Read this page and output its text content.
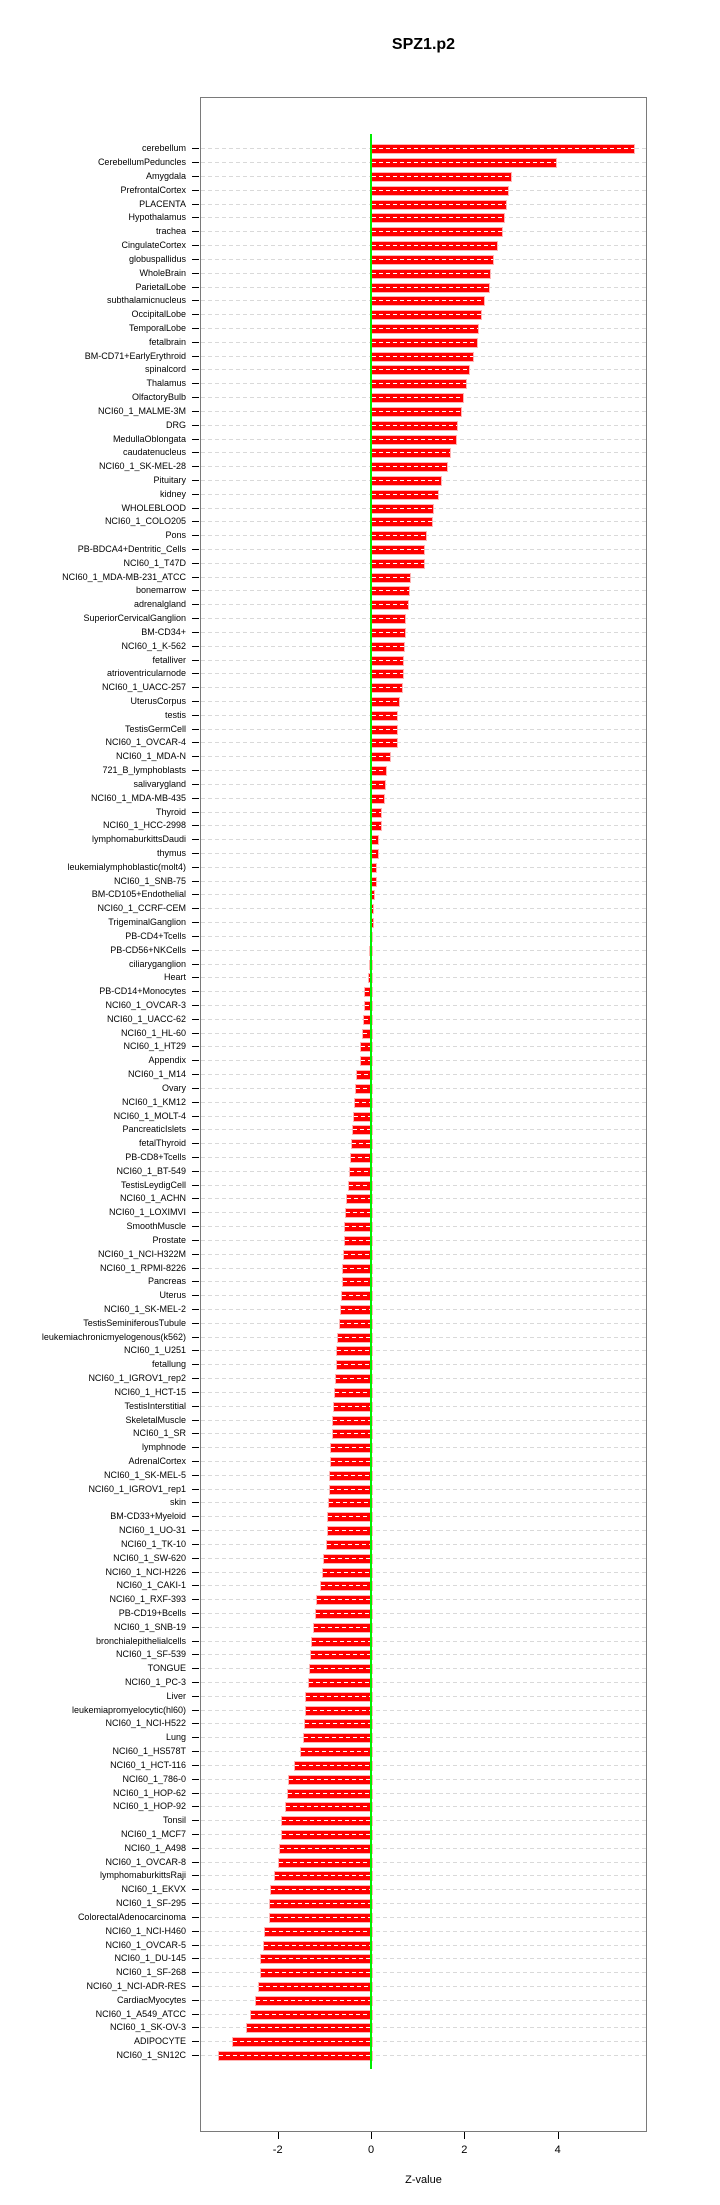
SPZ1.p2
cerebellum
CerebellumPeduncles
Amygdala
PrefrontalCortex
PLACENTA
Hypothalamus
trachea
CingulateCortex
globuspallidus
WholeBrain
ParietalLobe
subthalamicnucleus
OccipitalLobe
TemporalLobe
fetalbrain
BM-CD71+EarlyErythroid
spinalcord
Thalamus
OlfactoryBulb
NCI60_1_MALME-3M
DRG
MedullaOblongata
caudatenucleus
NCI60_1_SK-MEL-28
Pituitary
kidney
WHOLEBLOOD
NCI60_1_COLO205
Pons
PB-BDCA4+Dentritic_Cells
NCI60_1_T47D
NCI60_1_MDA-MB-231_ATCC
bonemarrow
adrenalgland
SuperiorCervicalGanglion
BM-CD34+
NCI60_1_K-562
fetalliver
atrioventricularnode
NCI60_1_UACC-257
UterusCorpus
testis
TestisGermCell
NCI60_1_OVCAR-4
NCI60_1_MDA-N
721_B_lymphoblasts
salivarygland
NCI60_1_MDA-MB-435
Thyroid
NCI60_1_HCC-2998
lymphomaburkittsDaudi
thymus
leukemialymphoblastic(molt4)
NCI60_1_SNB-75
BM-CD105+Endothelial
NCI60_1_CCRF-CEM
TrigeminalGanglion
PB-CD4+Tcells
PB-CD56+NKCells
ciliaryganglion
Heart
PB-CD14+Monocytes
NCI60_1_OVCAR-3
NCI60_1_UACC-62
NCI60_1_HL-60
NCI60_1_HT29
Appendix
NCI60_1_M14
Ovary
NCI60_1_KM12
NCI60_1_MOLT-4
PancreaticIslets
fetalThyroid
PB-CD8+Tcells
NCI60_1_BT-549
TestisLeydigCell
NCI60_1_ACHN
NCI60_1_LOXIMVI
SmoothMuscle
Prostate
NCI60_1_NCI-H322M
NCI60_1_RPMI-8226
Pancreas
Uterus
NCI60_1_SK-MEL-2
TestisSeminiferousTubule
leukemiachronicmyelogenous(k562)
NCI60_1_U251
fetallung
NCI60_1_IGROV1_rep2
NCI60_1_HCT-15
TestisInterstitial
SkeletalMuscle
NCI60_1_SR
lymphnode
AdrenalCortex
NCI60_1_SK-MEL-5
NCI60_1_IGROV1_rep1
skin
BM-CD33+Myeloid
NCI60_1_UO-31
NCI60_1_TK-10
NCI60_1_SW-620
NCI60_1_NCI-H226
NCI60_1_CAKI-1
NCI60_1_RXF-393
PB-CD19+Bcells
NCI60_1_SNB-19
bronchialepithelialcells
NCI60_1_SF-539
TONGUE
NCI60_1_PC-3
Liver
leukemiapromyelocytic(hl60)
NCI60_1_NCI-H522
Lung
NCI60_1_HS578T
NCI60_1_HCT-116
NCI60_1_786-0
NCI60_1_HOP-62
NCI60_1_HOP-92
Tonsil
NCI60_1_MCF7
NCI60_1_A498
NCI60_1_OVCAR-8
lymphomaburkittsRaji
NCI60_1_EKVX
NCI60_1_SF-295
ColorectalAdenocarcinoma
NCI60_1_NCI-H460
NCI60_1_OVCAR-5
NCI60_1_DU-145
NCI60_1_SF-268
NCI60_1_NCI-ADR-RES
CardiacMyocytes
NCI60_1_A549_ATCC
NCI60_1_SK-OV-3
ADIPOCYTE
NCI60_1_SN12C
-2	0	2	4
Z-value
